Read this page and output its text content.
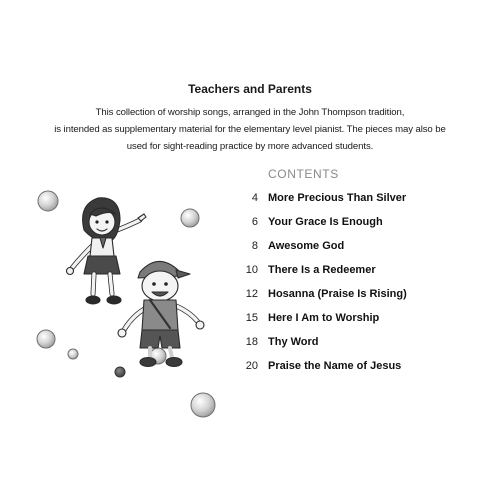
Teachers and Parents
This collection of worship songs, arranged in the John Thompson tradition,
is intended as supplementary material for the elementary level pianist. The pieces may also be
used for sight-reading practice by more advanced students.
CONTENTS
4 More Precious Than Silver
6 Your Grace Is Enough
8 Awesome God
10 There Is a Redeemer
12 Hosanna (Praise Is Rising)
15 Here I Am to Worship
18 Thy Word
20 Praise the Name of Jesus
